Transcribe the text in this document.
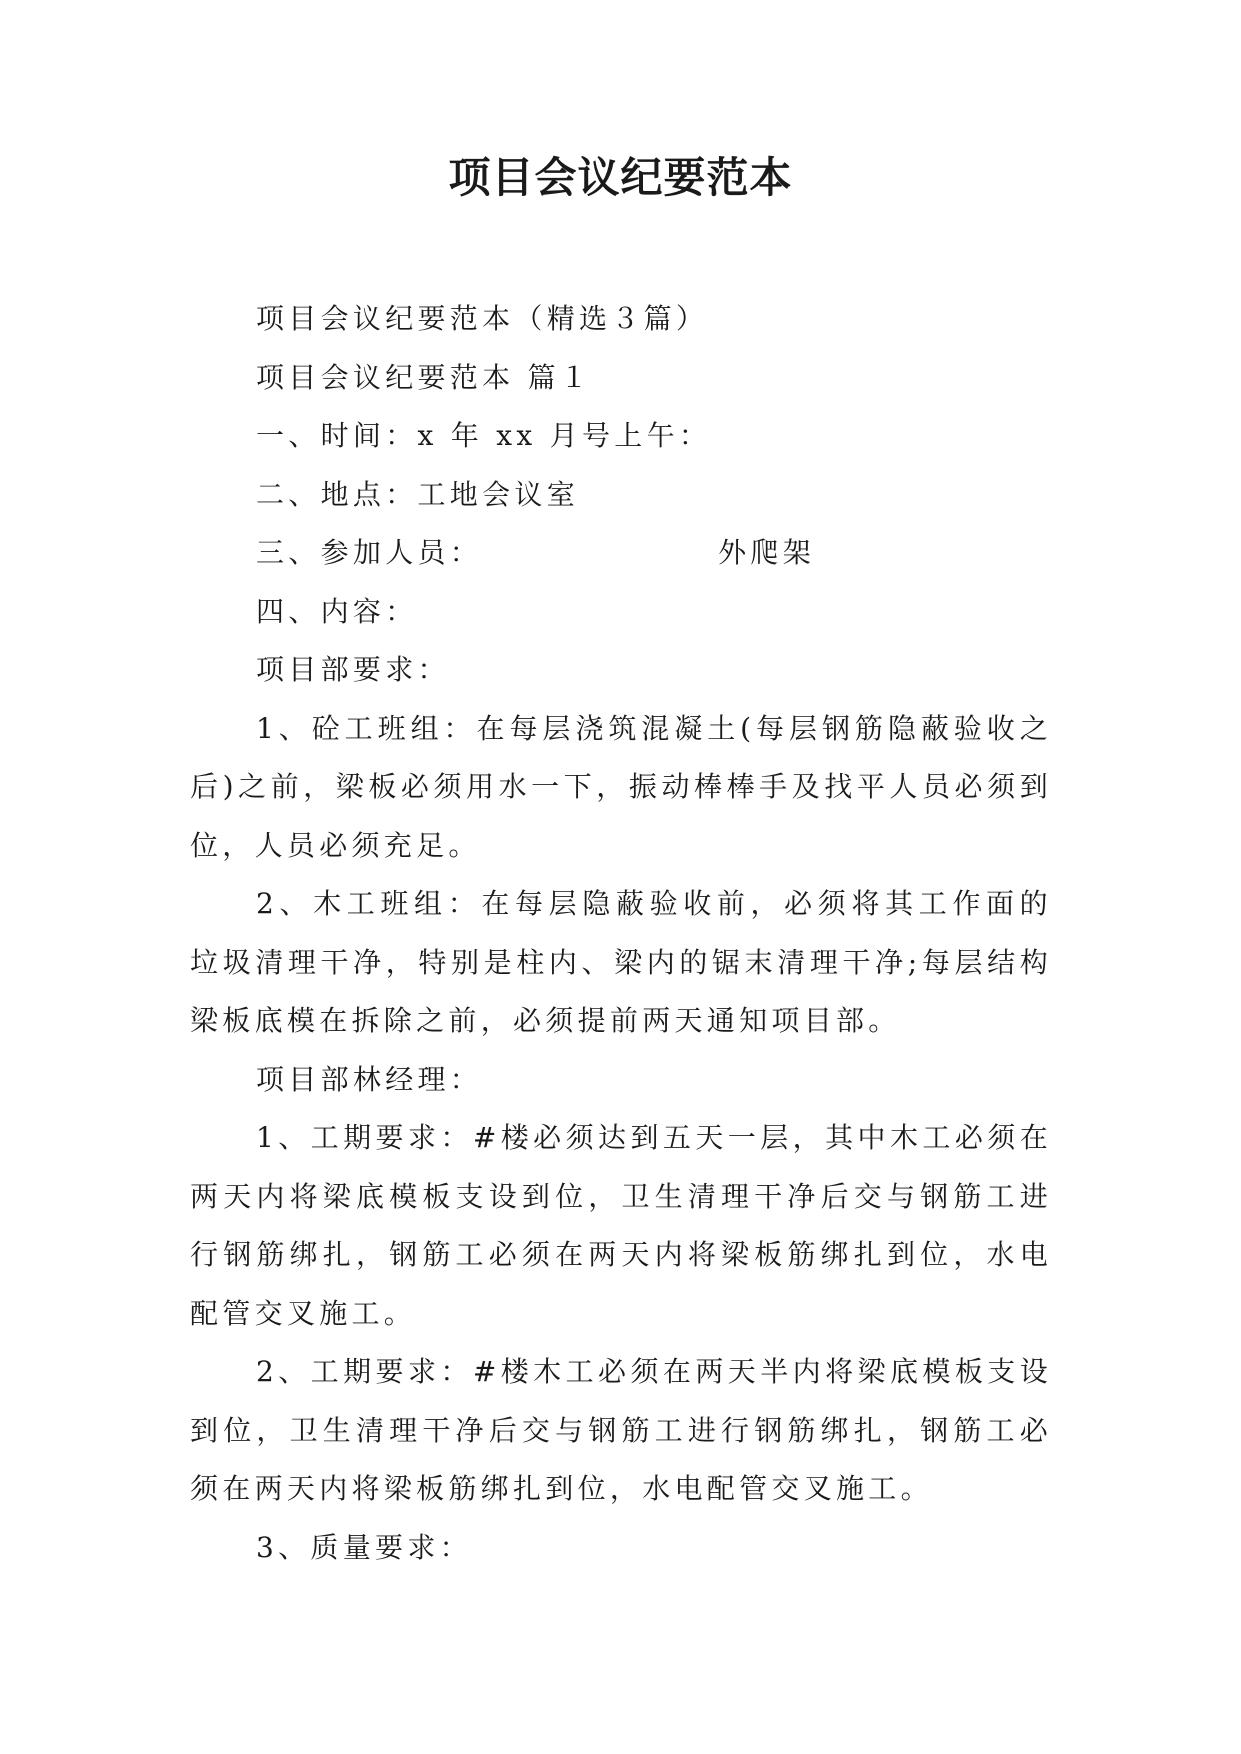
项目会议纪要范本

项目会议纪要范本（精选３篇）

项目会议纪要范本 篇１

一、时间：x 年 xx 月号上午：

二、地点：工地会议室

三、参加人员：	外爬架

四、内容：

项目部要求：

1、砼工班组：在每层浇筑混凝土(每层钢筋隐蔽验收之后)之前，梁板必须用水一下，振动棒棒手及找平人员必须到位，人员必须充足。

2、木工班组：在每层隐蔽验收前，必须将其工作面的垃圾清理干净，特别是柱内、梁内的锯末清理干净;每层结构梁板底模在拆除之前，必须提前两天通知项目部。

项目部林经理：

1、工期要求：#楼必须达到五天一层，其中木工必须在两天内将梁底模板支设到位，卫生清理干净后交与钢筋工进行钢筋绑扎，钢筋工必须在两天内将梁板筋绑扎到位，水电配管交叉施工。

2、工期要求：#楼木工必须在两天半内将梁底模板支设到位，卫生清理干净后交与钢筋工进行钢筋绑扎，钢筋工必须在两天内将梁板筋绑扎到位，水电配管交叉施工。

3、质量要求：
